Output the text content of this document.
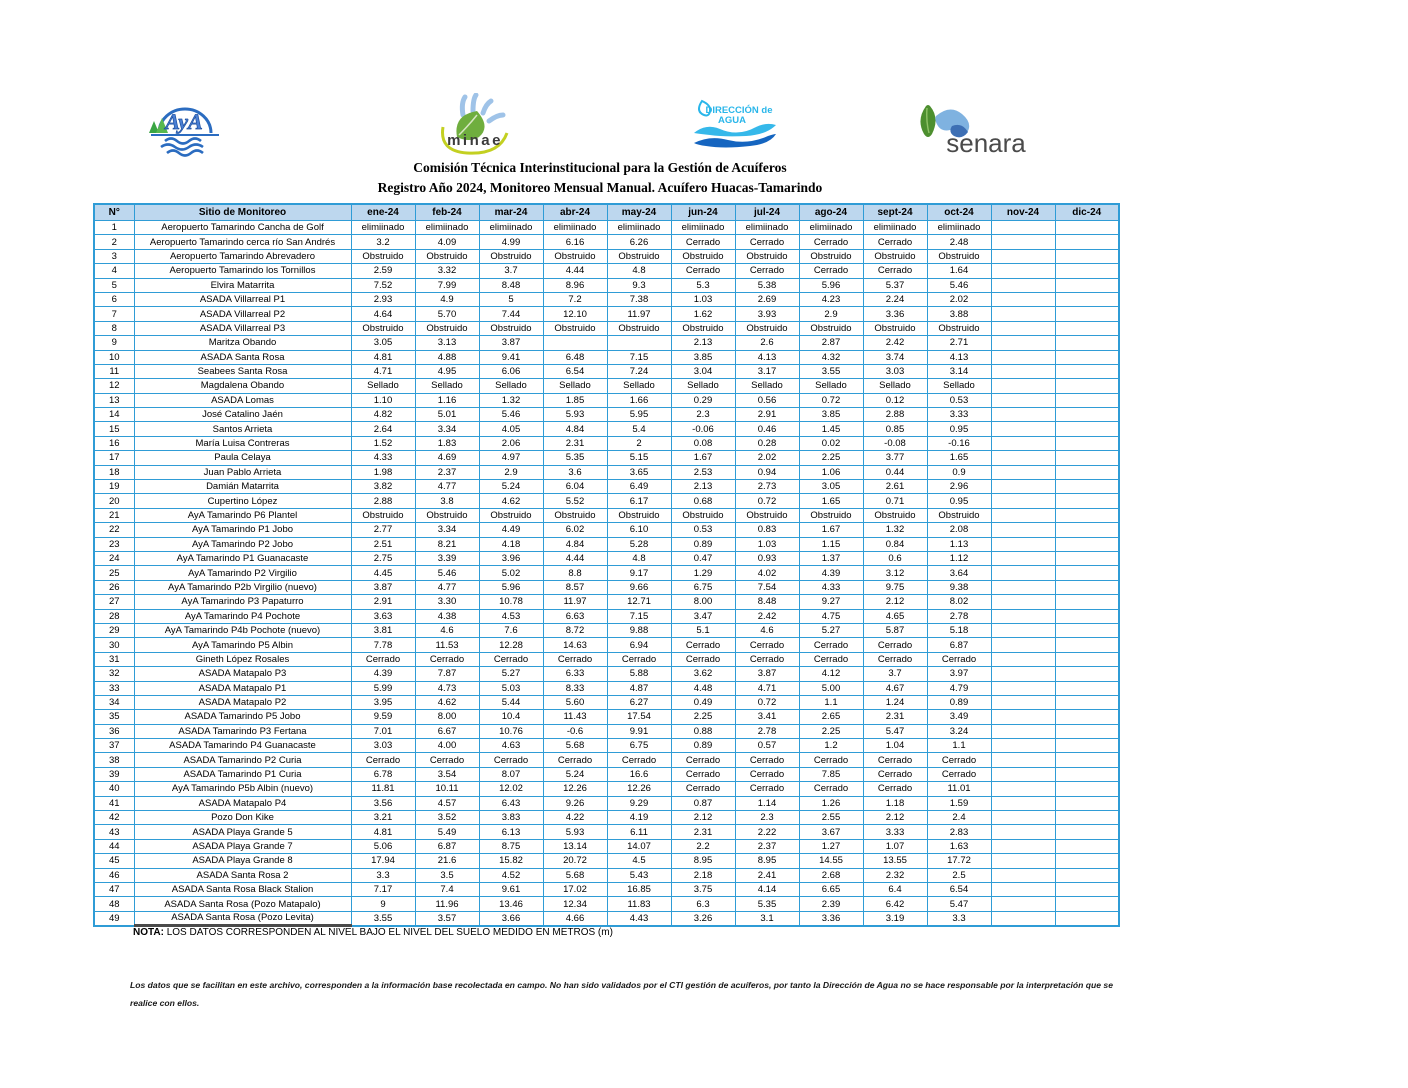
AyA
minae
DIRECCIÓN de
AGUA
senara
Comisión Técnica Interinstitucional para la Gestión de Acuíferos
Registro Año 2024, Monitoreo Mensual Manual. Acuífero Huacas-Tamarindo
N°	Sitio de Monitoreo	ene-24	feb-24	mar-24	abr-24	may-24	jun-24	jul-24	ago-24	sept-24	oct-24	nov-24	dic-24
1	Aeropuerto Tamarindo Cancha de Golf	elimiinado	elimiinado	elimiinado	elimiinado	elimiinado	elimiinado	elimiinado	elimiinado	elimiinado	elimiinado		
2	Aeropuerto Tamarindo cerca río San Andrés	3.2	4.09	4.99	6.16	6.26	Cerrado	Cerrado	Cerrado	Cerrado	2.48		
3	Aeropuerto Tamarindo Abrevadero	Obstruido	Obstruido	Obstruido	Obstruido	Obstruido	Obstruido	Obstruido	Obstruido	Obstruido	Obstruido		
4	Aeropuerto Tamarindo los Tornillos	2.59	3.32	3.7	4.44	4.8	Cerrado	Cerrado	Cerrado	Cerrado	1.64		
5	Elvira Matarrita	7.52	7.99	8.48	8.96	9.3	5.3	5.38	5.96	5.37	5.46		
6	ASADA Villarreal P1	2.93	4.9	5	7.2	7.38	1.03	2.69	4.23	2.24	2.02		
7	ASADA Villarreal P2	4.64	5.70	7.44	12.10	11.97	1.62	3.93	2.9	3.36	3.88		
8	ASADA Villarreal P3	Obstruido	Obstruido	Obstruido	Obstruido	Obstruido	Obstruido	Obstruido	Obstruido	Obstruido	Obstruido		
9	Maritza Obando	3.05	3.13	3.87			2.13	2.6	2.87	2.42	2.71		
10	ASADA Santa Rosa	4.81	4.88	9.41	6.48	7.15	3.85	4.13	4.32	3.74	4.13		
11	Seabees Santa Rosa	4.71	4.95	6.06	6.54	7.24	3.04	3.17	3.55	3.03	3.14		
12	Magdalena Obando	Sellado	Sellado	Sellado	Sellado	Sellado	Sellado	Sellado	Sellado	Sellado	Sellado		
13	ASADA Lomas	1.10	1.16	1.32	1.85	1.66	0.29	0.56	0.72	0.12	0.53		
14	José Catalino Jaén	4.82	5.01	5.46	5.93	5.95	2.3	2.91	3.85	2.88	3.33		
15	Santos Arrieta	2.64	3.34	4.05	4.84	5.4	-0.06	0.46	1.45	0.85	0.95		
16	María Luisa Contreras	1.52	1.83	2.06	2.31	2	0.08	0.28	0.02	-0.08	-0.16		
17	Paula Celaya	4.33	4.69	4.97	5.35	5.15	1.67	2.02	2.25	3.77	1.65		
18	Juan Pablo Arrieta	1.98	2.37	2.9	3.6	3.65	2.53	0.94	1.06	0.44	0.9		
19	Damián Matarrita	3.82	4.77	5.24	6.04	6.49	2.13	2.73	3.05	2.61	2.96		
20	Cupertino López	2.88	3.8	4.62	5.52	6.17	0.68	0.72	1.65	0.71	0.95		
21	AyA Tamarindo P6 Plantel	Obstruido	Obstruido	Obstruido	Obstruido	Obstruido	Obstruido	Obstruido	Obstruido	Obstruido	Obstruido		
22	AyA Tamarindo P1 Jobo	2.77	3.34	4.49	6.02	6.10	0.53	0.83	1.67	1.32	2.08		
23	AyA Tamarindo P2 Jobo	2.51	8.21	4.18	4.84	5.28	0.89	1.03	1.15	0.84	1.13		
24	AyA Tamarindo P1 Guanacaste	2.75	3.39	3.96	4.44	4.8	0.47	0.93	1.37	0.6	1.12		
25	AyA Tamarindo P2 Virgilio	4.45	5.46	5.02	8.8	9.17	1.29	4.02	4.39	3.12	3.64		
26	AyA Tamarindo P2b Virgilio (nuevo)	3.87	4.77	5.96	8.57	9.66	6.75	7.54	4.33	9.75	9.38		
27	AyA Tamarindo P3 Papaturro	2.91	3.30	10.78	11.97	12.71	8.00	8.48	9.27	2.12	8.02		
28	AyA Tamarindo P4 Pochote	3.63	4.38	4.53	6.63	7.15	3.47	2.42	4.75	4.65	2.78		
29	AyA Tamarindo P4b Pochote (nuevo)	3.81	4.6	7.6	8.72	9.88	5.1	4.6	5.27	5.87	5.18		
30	AyA Tamarindo P5 Albin	7.78	11.53	12.28	14.63	6.94	Cerrado	Cerrado	Cerrado	Cerrado	6.87		
31	Gineth López Rosales	Cerrado	Cerrado	Cerrado	Cerrado	Cerrado	Cerrado	Cerrado	Cerrado	Cerrado	Cerrado		
32	ASADA Matapalo P3	4.39	7.87	5.27	6.33	5.88	3.62	3.87	4.12	3.7	3.97		
33	ASADA Matapalo P1	5.99	4.73	5.03	8.33	4.87	4.48	4.71	5.00	4.67	4.79		
34	ASADA Matapalo P2	3.95	4.62	5.44	5.60	6.27	0.49	0.72	1.1	1.24	0.89		
35	ASADA Tamarindo P5 Jobo	9.59	8.00	10.4	11.43	17.54	2.25	3.41	2.65	2.31	3.49		
36	ASADA Tamarindo P3 Fertana	7.01	6.67	10.76	-0.6	9.91	0.88	2.78	2.25	5.47	3.24		
37	ASADA Tamarindo P4 Guanacaste	3.03	4.00	4.63	5.68	6.75	0.89	0.57	1.2	1.04	1.1		
38	ASADA Tamarindo P2 Curia	Cerrado	Cerrado	Cerrado	Cerrado	Cerrado	Cerrado	Cerrado	Cerrado	Cerrado	Cerrado		
39	ASADA Tamarindo P1 Curia	6.78	3.54	8.07	5.24	16.6	Cerrado	Cerrado	7.85	Cerrado	Cerrado		
40	AyA Tamarindo P5b Albin (nuevo)	11.81	10.11	12.02	12.26	12.26	Cerrado	Cerrado	Cerrado	Cerrado	11.01		
41	ASADA Matapalo P4	3.56	4.57	6.43	9.26	9.29	0.87	1.14	1.26	1.18	1.59		
42	Pozo Don Kike	3.21	3.52	3.83	4.22	4.19	2.12	2.3	2.55	2.12	2.4		
43	ASADA Playa Grande 5	4.81	5.49	6.13	5.93	6.11	2.31	2.22	3.67	3.33	2.83		
44	ASADA Playa Grande 7	5.06	6.87	8.75	13.14	14.07	2.2	2.37	1.27	1.07	1.63		
45	ASADA Playa Grande 8	17.94	21.6	15.82	20.72	4.5	8.95	8.95	14.55	13.55	17.72		
46	ASADA Santa Rosa 2	3.3	3.5	4.52	5.68	5.43	2.18	2.41	2.68	2.32	2.5		
47	ASADA Santa Rosa Black Stalion	7.17	7.4	9.61	17.02	16.85	3.75	4.14	6.65	6.4	6.54		
48	ASADA Santa Rosa (Pozo Matapalo)	9	11.96	13.46	12.34	11.83	6.3	5.35	2.39	6.42	5.47		
49	ASADA Santa Rosa (Pozo Levita)	3.55	3.57	3.66	4.66	4.43	3.26	3.1	3.36	3.19	3.3		
NOTA: LOS DATOS CORRESPONDEN AL NIVEL BAJO EL NIVEL DEL SUELO MEDIDO EN METROS (m)
Los datos que se facilitan en este archivo, corresponden a la información base recolectada en campo. No han sido validados por el CTI gestión de acuíferos, por tanto la Dirección de Agua no se hace responsable por la interpretación que se
realice con ellos.
